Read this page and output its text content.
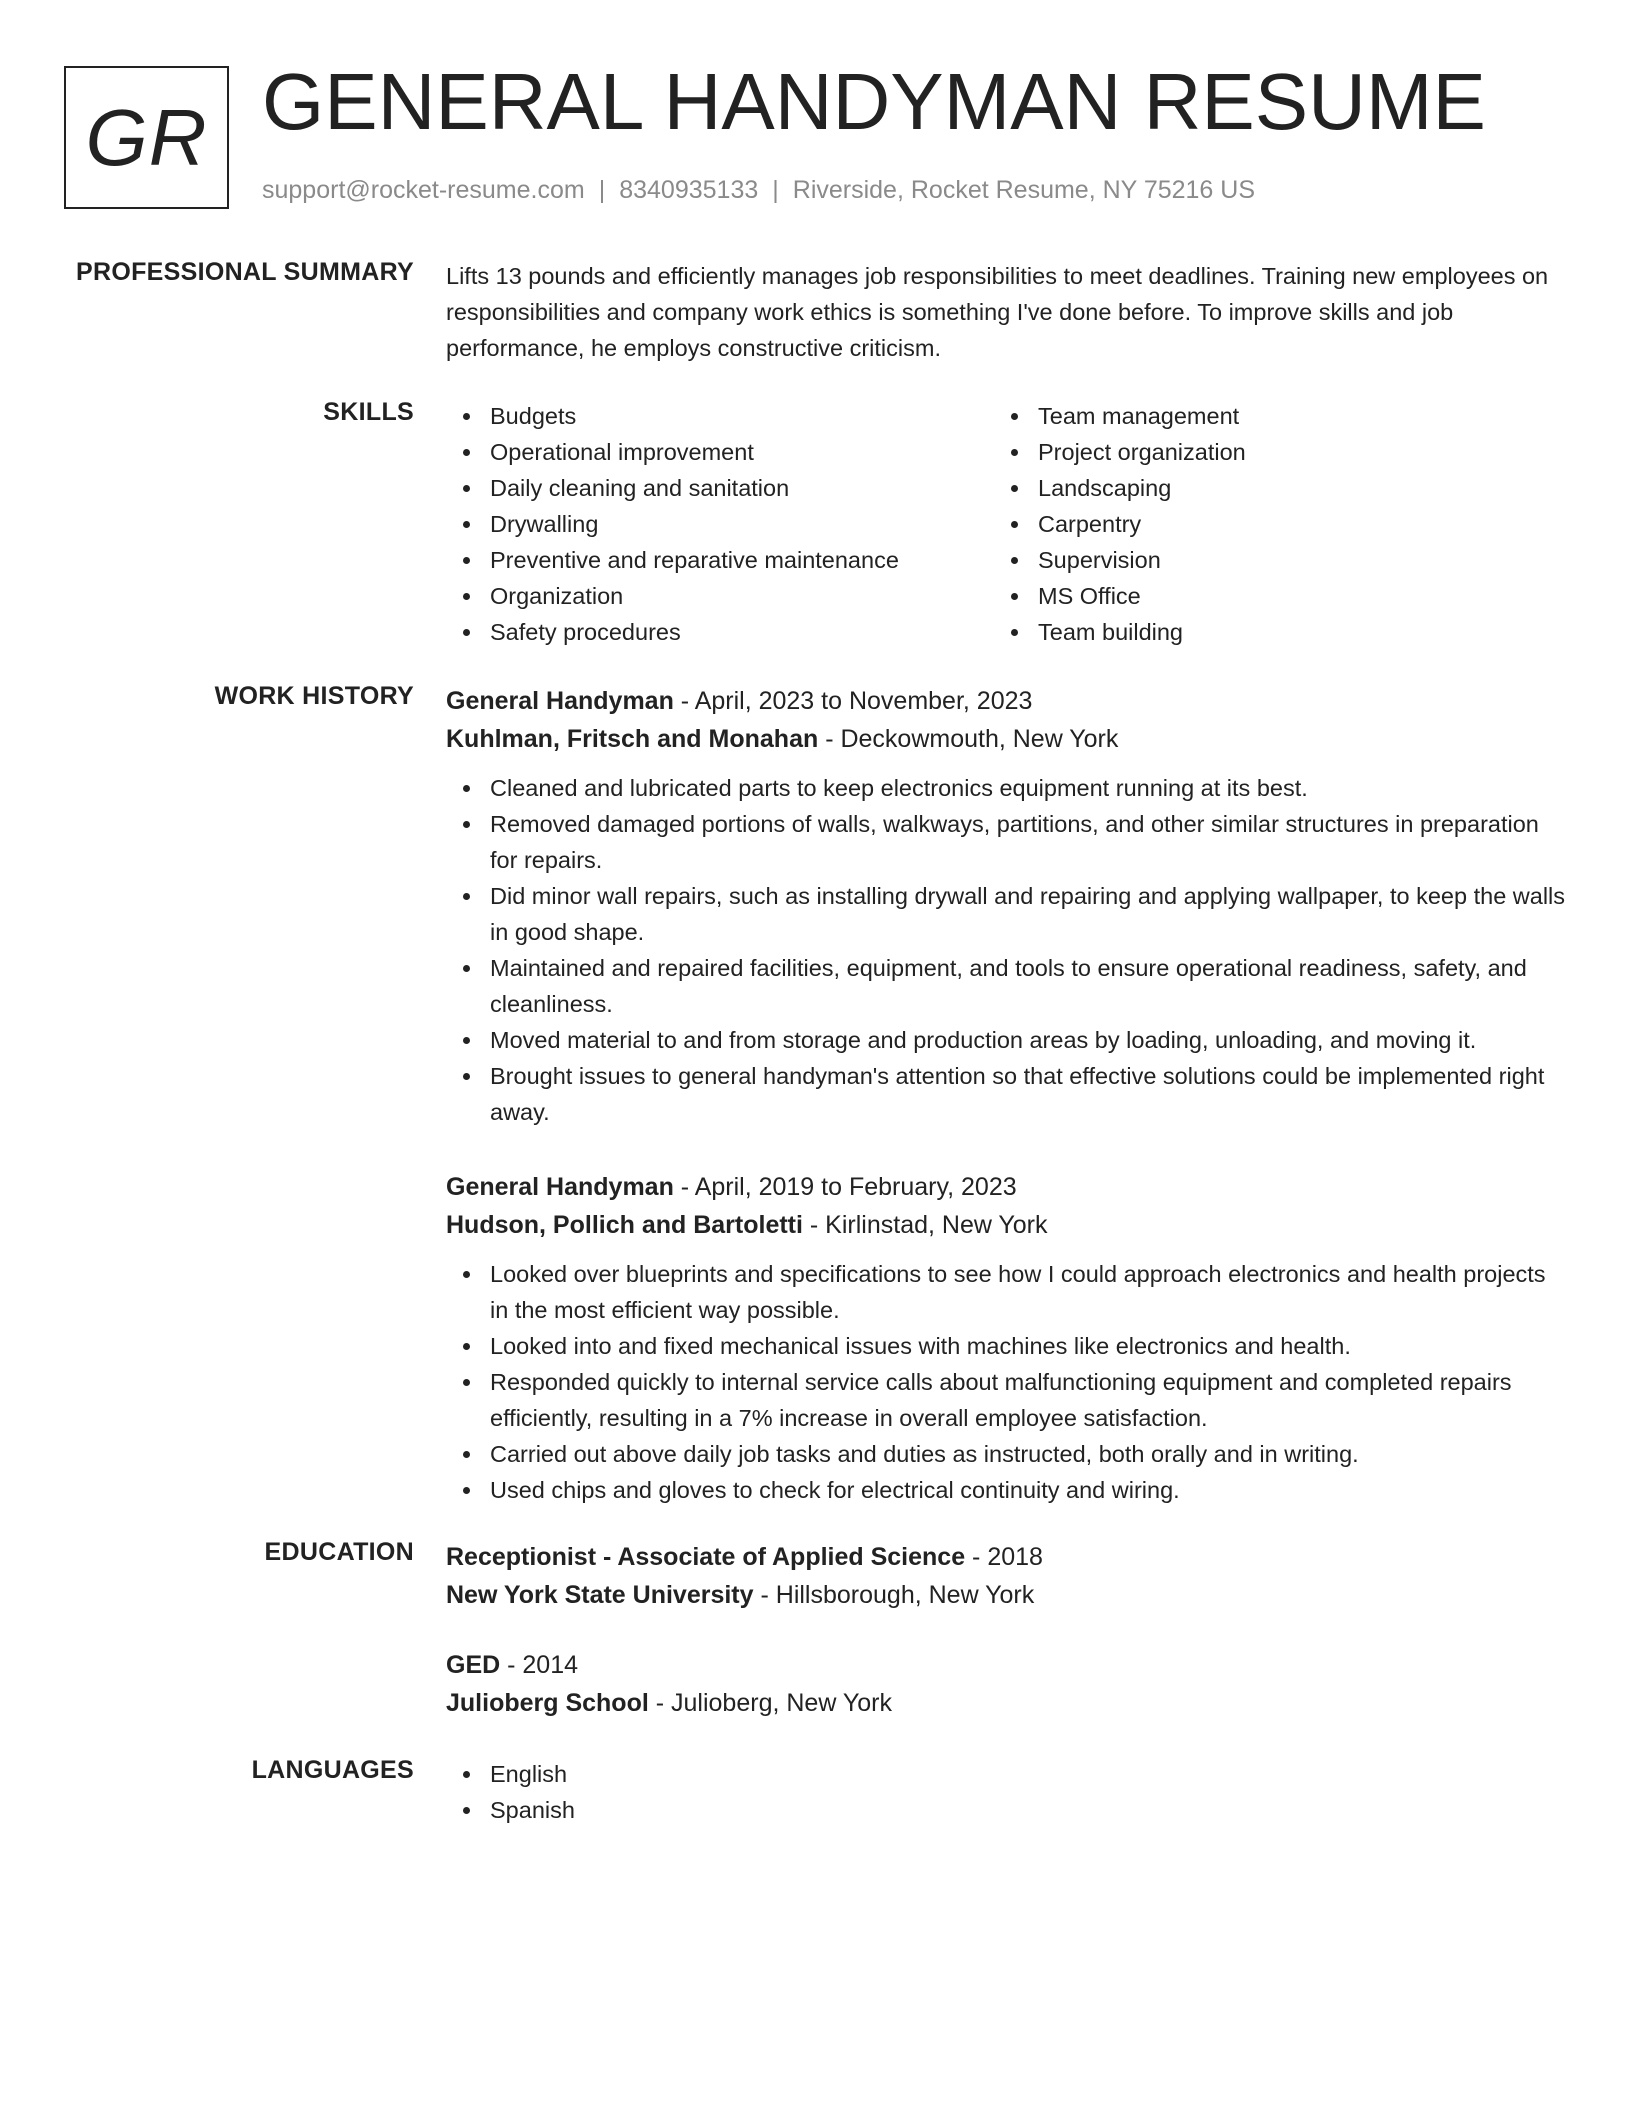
GR GENERAL HANDYMAN RESUME
support@rocket-resume.com | 8340935133 | Riverside, Rocket Resume, NY 75216 US
PROFESSIONAL SUMMARY Lifts 13 pounds and efficiently manages job responsibilities to meet deadlines. Training new employees on responsibilities and company work ethics is something I've done before. To improve skills and job performance, he employs constructive criticism.

SKILLS	Budgets
Operational improvement
Daily cleaning and sanitation
Drywalling
Preventive and reparative maintenance
Organization
Safety procedures
Team management
Project organization
Landscaping
Carpentry
Supervision
MS Office
Team building
WORK HISTORY General Handyman - April, 2023 to November, 2023
Kuhlman, Fritsch and Monahan - Deckowmouth, New York
Cleaned and lubricated parts to keep electronics equipment running at its best.
Removed damaged portions of walls, walkways, partitions, and other similar structures in preparation for repairs.
Did minor wall repairs, such as installing drywall and repairing and applying wallpaper, to keep the walls in good shape.
Maintained and repaired facilities, equipment, and tools to ensure operational readiness, safety, and cleanliness.
Moved material to and from storage and production areas by loading, unloading, and moving it.
Brought issues to general handyman's attention so that effective solutions could be implemented right away.
General Handyman - April, 2019 to February, 2023
Hudson, Pollich and Bartoletti - Kirlinstad, New York
Looked over blueprints and specifications to see how I could approach electronics and health projects in the most efficient way possible.
Looked into and fixed mechanical issues with machines like electronics and health.
Responded quickly to internal service calls about malfunctioning equipment and completed repairs efficiently, resulting in a 7% increase in overall employee satisfaction.
Carried out above daily job tasks and duties as instructed, both orally and in writing.
Used chips and gloves to check for electrical continuity and wiring.
EDUCATION Receptionist - Associate of Applied Science - 2018
New York State University - Hillsborough, New York
GED - 2014
Julioberg School - Julioberg, New York
LANGUAGES	English
Spanish
